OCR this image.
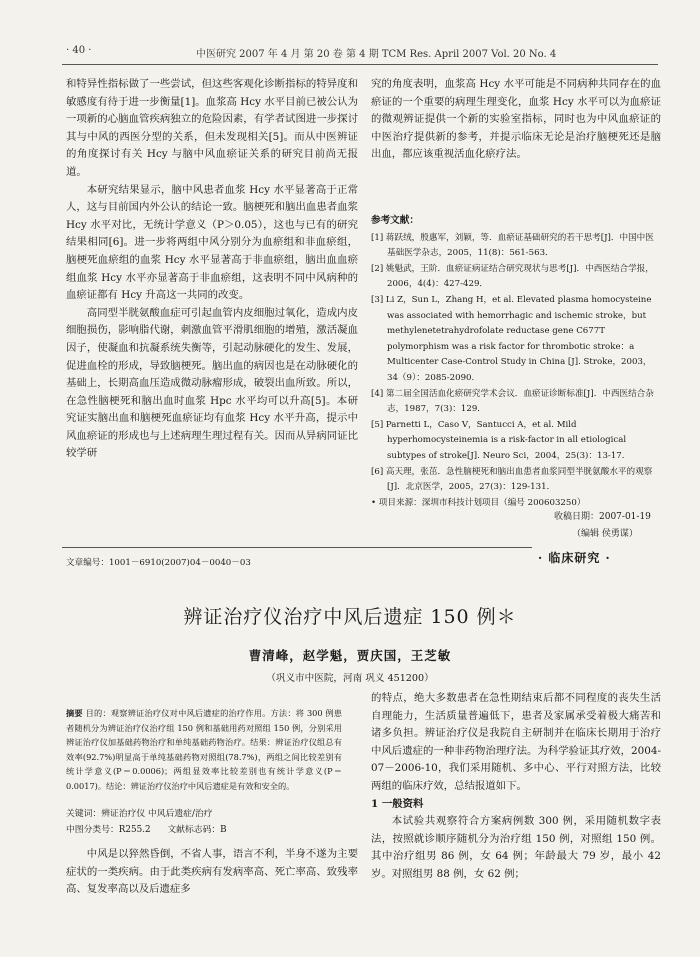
· 40 ·	中医研究 2007 年 4 月 第 20 卷 第 4 期 TCM Res. April 2007 Vol. 20 No. 4

和特异性指标做了一些尝试，但这些客观化诊断指标的特异度和敏感度有待于进一步衡量[1]。血浆高 Hcy 水平目前已被公认为一项新的心脑血管疾病独立的危险因素，有学者试图进一步探讨其与中风的西医分型的关系，但未发现相关[5]。而从中医辨证的角度探讨有关 Hcy 与脑中风血瘀证关系的研究目前尚无报道。

本研究结果显示，脑中风患者血浆 Hcy 水平显著高于正常人，这与目前国内外公认的结论一致。脑梗死和脑出血患者血浆 Hcy 水平对比，无统计学意义（P＞0.05），这也与已有的研究结果相同[6]。进一步将两组中风分别分为血瘀组和非血瘀组，脑梗死血瘀组的血浆 Hcy 水平显著高于非血瘀组，脑出血血瘀组血浆 Hcy 水平亦显著高于非血瘀组，这表明不同中风病种的血瘀证都有 Hcy 升高这一共同的改变。

高同型半胱氨酸血症可引起血管内皮细胞过氧化，造成内皮细胞损伤，影响脂代谢，刺激血管平滑肌细胞的增殖，激活凝血因子，使凝血和抗凝系统失衡等，引起动脉硬化的发生、发展，促进血栓的形成，导致脑梗死。脑出血的病因也是在动脉硬化的基础上，长期高血压造成微动脉瘤形成，破裂出血所致。所以，在急性脑梗死和脑出血时血浆 Hpc 水平均可以升高[5]。本研究证实脑出血和脑梗死血瘀证均有血浆 Hcy 水平升高，提示中风血瘀证的形成也与上述病理生理过程有关。因而从异病同证比较学研

究的角度表明，血浆高 Hcy 水平可能是不同病种共同存在的血瘀证的一个重要的病理生理变化，血浆 Hcy 水平可以为血瘀证的微观辨证提供一个新的实验室指标，同时也为中风血瘀证的中医治疗提供新的参考，并提示临床无论是治疗脑梗死还是脑出血，都应该重视活血化瘀疗法。

参考文献：

[1] 蒋跃绒，殷惠军，刘颖，等．血瘀证基础研究的若干思考[J]．中国中医基础医学杂志，2005，11(8)：561-563．

[2] 姚魁武，王阶．血瘀证病证结合研究现状与思考[J]．中西医结合学报，2006，4(4)：427-429．

[3] Li Z，Sun L，Zhang H，et al. Elevated plasma homocysteine was associated with hemorrhagic and ischemic stroke，but methylenetetrahydrofolate reductase gene C677T polymorphism was a risk factor for thrombotic stroke：a Multicenter Case-Control Study in China [J]. Stroke，2003，34（9）：2085-2090.

[4] 第二届全国活血化瘀研究学术会议．血瘀证诊断标准[J]．中西医结合杂志，1987，7(3)：129．

[5] Parnetti L，Caso V，Santucci A，et al. Mild hyperhomocysteinemia is a risk-factor in all etiological subtypes of stroke[J]. Neuro Sci，2004，25(3)：13-17.

[6] 高天理，张茁．急性脑梗死和脑出血患者血浆同型半胱氨酸水平的观察[J]．北京医学，2005，27(3)：129-131．

• 项目来源：深圳市科技计划项目（编号 200603250）

收稿日期：2007-01-19
（编辑 侯勇谋）
文章编号：1001－6910(2007)04－0040－03	· 临床研究 ·
辨证治疗仪治疗中风后遗症 150 例＊
曹清峰，赵学魁，贾庆国，王芝敏
（巩义市中医院，河南 巩义 451200）
摘要 目的：观察辨证治疗仪对中风后遗症的治疗作用。方法：将 300 例患者随机分为辨证治疗仪治疗组 150 例和基础用药对照组 150 例，分别采用辨证治疗仪加基础药物治疗和单纯基础药物治疗。结果：辨证治疗仪组总有效率(92.7%)明显高于单纯基础药物对照组(78.7%)，两组之间比较差别有统计学意义(P＝0.0006)；两组显效率比较差别也有统计学意义(P＝0.0017)。结论：辨证治疗仪治疗中风后遗症是有效和安全的。
关键词：辨证治疗仪 中风后遗症/治疗
中图分类号：R255.2 文献标志码：B

中风是以猝然昏倒，不省人事，语言不利，半身不遂为主要症状的一类疾病。由于此类疾病有发病率高、死亡率高、致残率高、复发率高以及后遗症多

的特点，绝大多数患者在急性期结束后都不同程度的丧失生活自理能力，生活质量普遍低下，患者及家属承受着极大痛苦和诸多负担。辨证治疗仪是我院自主研制并在临床长期用于治疗中风后遗症的一种非药物治理疗法。为科学验证其疗效，2004-07－2006-10，我们采用随机、多中心、平行对照方法，比较两组的临床疗效，总结报道如下。

1 一般资料

本试验共观察符合方案病例数 300 例，采用随机数字表法，按照就诊顺序随机分为治疗组 150 例，对照组 150 例。其中治疗组男 86 例，女 64 例；年龄最大 79 岁，最小 42 岁。对照组男 88 例，女 62 例；
